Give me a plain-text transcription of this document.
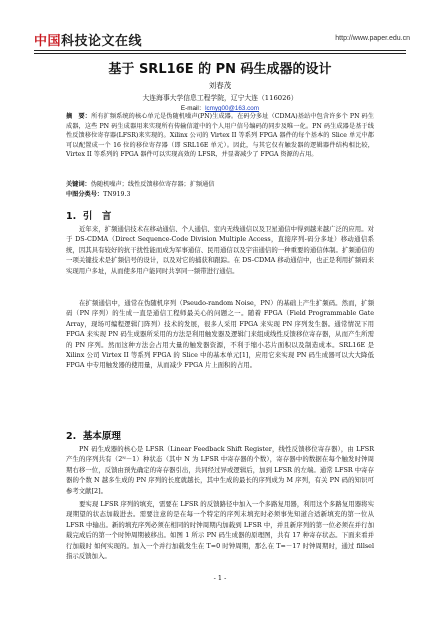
中国科技论文在线	http://www.paper.edu.cn
基于 SRL16E 的 PN 码生成器的设计
刘春茂
大连海事大学信息工程学院，辽宁大连（116026）
E-mail：lcmyg00@163.com
摘　要：所有扩频系统的核心单元是伪随机噪声(PN)生成器。在码分多址（CDMA)基站中包含许多个 PN 码生成器，这些 PN 码生成器用来实现所有传输信道中的个人用户信号编码的同步及唯一化。PN 码生成器是基于线性反馈移位寄存器(LFSR)来实现的。Xilinx 公司的 Virtex II 等系列 FPGA 器件的每个基本的 Slice 单元中都可以配置成一个 16 位的移位寄存器（即 SRL16E 单元）。因此，与其它仅有触发器的逻辑器件结构相比较，Virtex II 等系列的 FPGA 器件可以实现高效的 LFSR，并显著减少了 FPGA 资源的占用。
关键词：伪随机噪声；线性反馈移位寄存器；扩频通信
中图分类号：TN919.3
1. 引　言

近年来，扩频通信技术在移动通信、个人通信、室内无线通信以及卫星通信中得到越来越广泛的应用。对于 DS-CDMA（Direct Sequence-Code Division Multiple Access，直接序列-码分多址）移动通信系统，因其具有较好的抗干扰性能而成为军事通信、民用通信以及宇宙通信的一种重要的通信体制。扩频通信的一项关键技术是扩频信号的设计，以及对它的捕获和跟踪。在 DS-CDMA 移动通信中，也正是利用扩频码来实现用户多址，从而使多用户能同时共享同一频带进行通信。

在扩频通信中，通常在伪随机序列（Pseudo-random Noise，PN）的基础上产生扩频码。然而，扩频码（PN 序列）的生成一直是通信工程师最关心的问题之一。随着 FPGA（Field Programmable Gate Array，现场可编程逻辑门阵列）技术的发展，很多人采用 FPGA 来实现 PN 序列发生器。通常情况下用 FPGA 来实现 PN 码生成器所采用的方法是利用触发器及逻辑门来组成线性反馈移位寄存器，从而产生所需的 PN 序列。然而这种方法会占用大量的触发器资源，不利于缩小芯片面积以及制造成本。SRL16E 是 Xilinx 公司 Virtex II 等系列 FPGA 的 Slice 中的基本单元[1]，应用它来实现 PN 码生成器可以大大降低 FPGA 中专用触发器的使用量，从而减少 FPGA 片上面积的占用。

2. 基本原理

PN 码生成器的核心是 LFSR（Linear Feedback Shift Register，线性反馈移位寄存器），由 LFSR 产生的序列共有（2ᴺ－1）种状态（其中 N 为 LFSR 中寄存器的个数），寄存器中的数据在每个触发时钟周期右移一位，反馈由预先确定的寄存器引出，共同经过异或逻辑后，加到 LFSR 的左端。通常 LFSR 中寄存器的个数 N 越多生成的 PN 序列的长度就越长，其中生成的最长的序列成为 M 序列，有关 PN 码的知识可参考文献[2]。

要实现 LFSR 序列的填充，需要在 LFSR 的反馈路径中加入一个多路复用器，利用这个多路复用器将实现期望的状态加载进去。需要注意的是在每一个特定的序列末填充时必须事先知道合适新填充的第一位从 LFSR 中输出。新的填充序列必须在相同的时钟周期内加载到 LFSR 中，并且新序列的第一位必须在并行加载完成后的第一个时钟周期被移出。如图 1 所示 PN 码生成器的原理图，共有 17 种寄存状态。下面来看并行加载时 如何实现的。加入一个并行加载发生在 T=0 时钟周期，那么在 T=－17 时钟周期时，通过 fillsel 指示反馈加入。

- 1 -
